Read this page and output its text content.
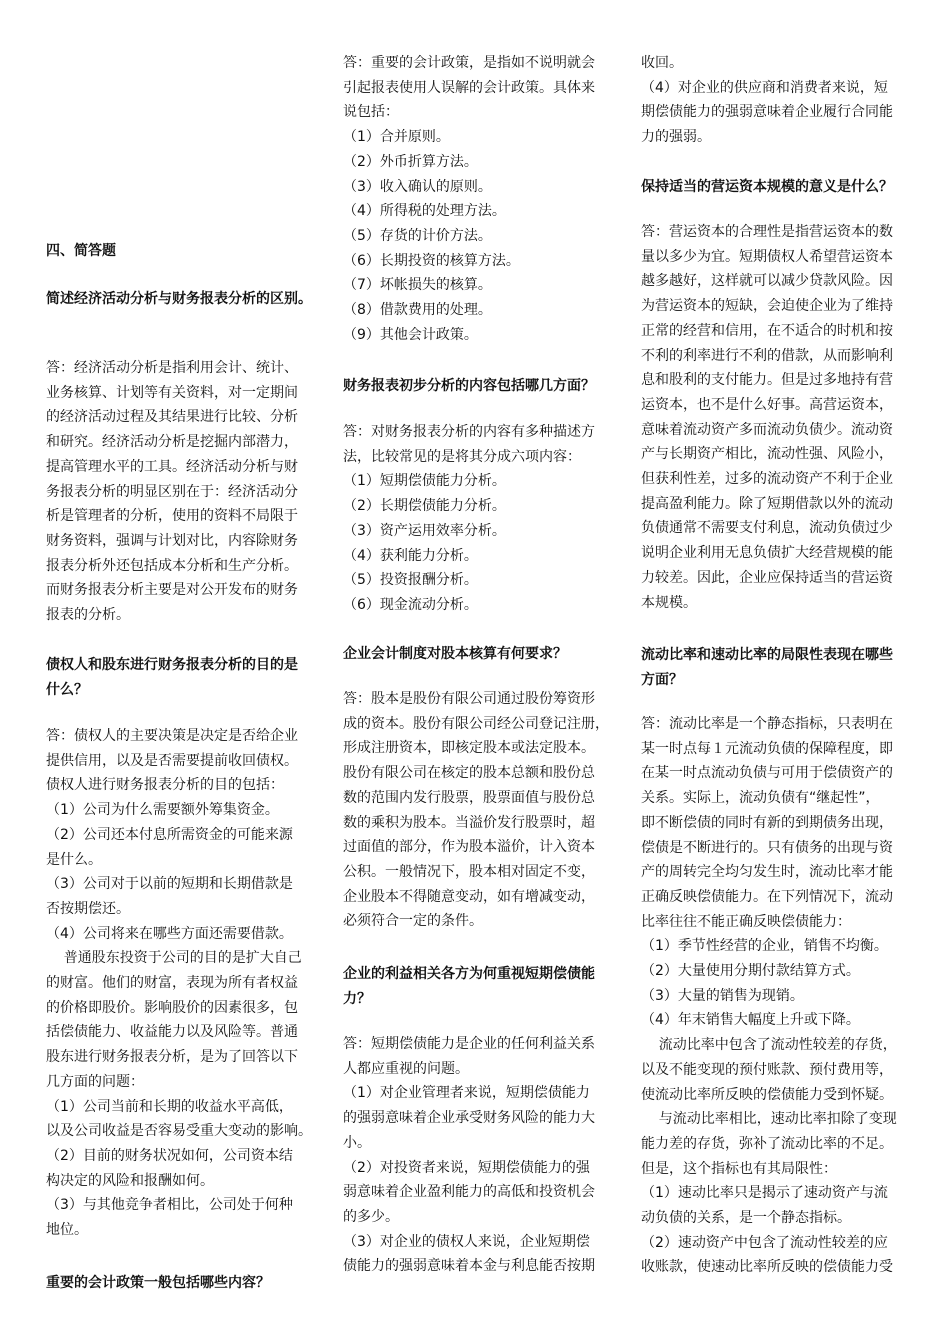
四、简答题
简述经济活动分析与财务报表分析的区别。
答：经济活动分析是指利用会计、统计、
业务核算、计划等有关资料，对一定期间
的经济活动过程及其结果进行比较、分析
和研究。经济活动分析是挖掘内部潜力，
提高管理水平的工具。经济活动分析与财
务报表分析的明显区别在于：经济活动分
析是管理者的分析，使用的资料不局限于
财务资料，强调与计划对比，内容除财务
报表分析外还包括成本分析和生产分析。
而财务报表分析主要是对公开发布的财务
报表的分析。
债权人和股东进行财务报表分析的目的是
什么？
答：债权人的主要决策是决定是否给企业
提供信用，以及是否需要提前收回债权。
债权人进行财务报表分析的目的包括：
（1）公司为什么需要额外筹集资金。
（2）公司还本付息所需资金的可能来源
是什么。
（3）公司对于以前的短期和长期借款是
否按期偿还。
（4）公司将来在哪些方面还需要借款。
普通股东投资于公司的目的是扩大自己
的财富。他们的财富，表现为所有者权益
的价格即股价。影响股价的因素很多，包
括偿债能力、收益能力以及风险等。普通
股东进行财务报表分析，是为了回答以下
几方面的问题：
（1）公司当前和长期的收益水平高低，
以及公司收益是否容易受重大变动的影响。
（2）目前的财务状况如何，公司资本结
构决定的风险和报酬如何。
（3）与其他竞争者相比，公司处于何种
地位。
重要的会计政策一般包括哪些内容？
答：重要的会计政策，是指如不说明就会
引起报表使用人误解的会计政策。具体来
说包括：
（1）合并原则。
（2）外币折算方法。
（3）收入确认的原则。
（4）所得税的处理方法。
（5）存货的计价方法。
（6）长期投资的核算方法。
（7）坏帐损失的核算。
（8）借款费用的处理。
（9）其他会计政策。
财务报表初步分析的内容包括哪几方面？
答：对财务报表分析的内容有多种描述方
法，比较常见的是将其分成六项内容：
（1）短期偿债能力分析。
（2）长期偿债能力分析。
（3）资产运用效率分析。
（4）获利能力分析。
（5）投资报酬分析。
（6）现金流动分析。
企业会计制度对股本核算有何要求？
答：股本是股份有限公司通过股份筹资形
成的资本。股份有限公司经公司登记注册，
形成注册资本，即核定股本或法定股本。
股份有限公司在核定的股本总额和股份总
数的范围内发行股票，股票面值与股份总
数的乘积为股本。当溢价发行股票时，超
过面值的部分，作为股本溢价，计入资本
公积。一般情况下，股本相对固定不变，
企业股本不得随意变动，如有增减变动，
必须符合一定的条件。
企业的利益相关各方为何重视短期偿债能
力？
答：短期偿债能力是企业的任何利益关系
人都应重视的问题。
（1）对企业管理者来说，短期偿债能力
的强弱意味着企业承受财务风险的能力大
小。
（2）对投资者来说，短期偿债能力的强
弱意味着企业盈利能力的高低和投资机会
的多少。
（3）对企业的债权人来说，企业短期偿
债能力的强弱意味着本金与利息能否按期
收回。
（4）对企业的供应商和消费者来说，短
期偿债能力的强弱意味着企业履行合同能
力的强弱。
保持适当的营运资本规模的意义是什么？
答：营运资本的合理性是指营运资本的数
量以多少为宜。短期债权人希望营运资本
越多越好，这样就可以减少贷款风险。因
为营运资本的短缺，会迫使企业为了维持
正常的经营和信用，在不适合的时机和按
不利的利率进行不利的借款，从而影响利
息和股利的支付能力。但是过多地持有营
运资本，也不是什么好事。高营运资本，
意味着流动资产多而流动负债少。流动资
产与长期资产相比，流动性强、风险小，
但获利性差，过多的流动资产不利于企业
提高盈利能力。除了短期借款以外的流动
负债通常不需要支付利息，流动负债过少
说明企业利用无息负债扩大经营规模的能
力较差。因此，企业应保持适当的营运资
本规模。
流动比率和速动比率的局限性表现在哪些
方面？
答：流动比率是一个静态指标，只表明在
某一时点每１元流动负债的保障程度，即
在某一时点流动负债与可用于偿债资产的
关系。实际上，流动负债有“继起性”，
即不断偿债的同时有新的到期债务出现，
偿债是不断进行的。只有债务的出现与资
产的周转完全均匀发生时，流动比率才能
正确反映偿债能力。在下列情况下，流动
比率往往不能正确反映偿债能力：
（1）季节性经营的企业，销售不均衡。
（2）大量使用分期付款结算方式。
（3）大量的销售为现销。
（4）年末销售大幅度上升或下降。
流动比率中包含了流动性较差的存货，
以及不能变现的预付账款、预付费用等，
使流动比率所反映的偿债能力受到怀疑。
与流动比率相比，速动比率扣除了变现
能力差的存货，弥补了流动比率的不足。
但是，这个指标也有其局限性：
（1）速动比率只是揭示了速动资产与流
动负债的关系，是一个静态指标。
（2）速动资产中包含了流动性较差的应
收账款，使速动比率所反映的偿债能力受
